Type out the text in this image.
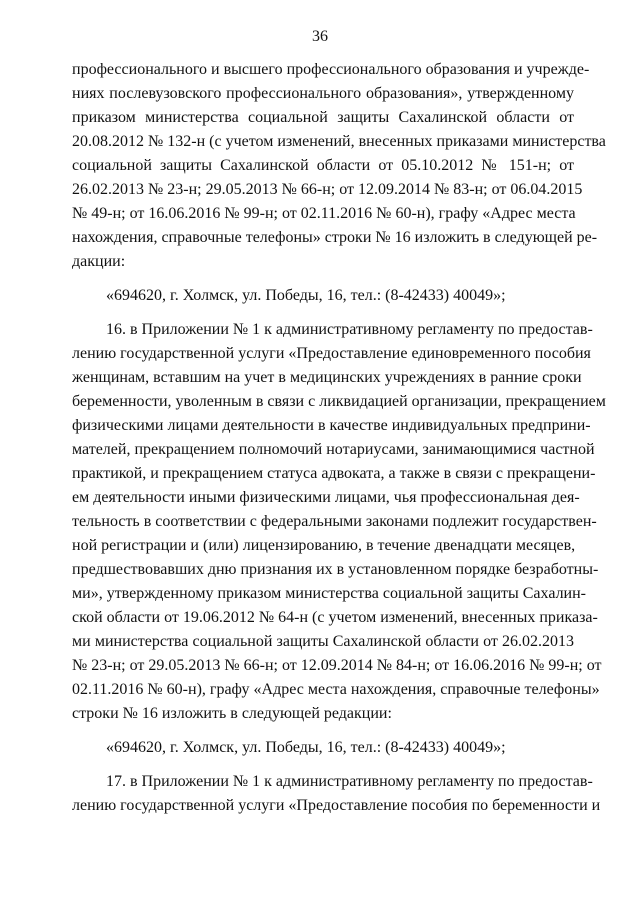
36
профессионального и высшего профессионального образования и учрежде-
ниях послевузовского профессионального образования», утвержденному
приказом министерства социальной защиты Сахалинской области от
20.08.2012 № 132-н (с учетом изменений, внесенных приказами министерства
социальной защиты Сахалинской области от 05.10.2012 № 151-н; от
26.02.2013 № 23-н; 29.05.2013 № 66-н; от 12.09.2014 № 83-н; от 06.04.2015
№ 49-н; от 16.06.2016 № 99-н; от 02.11.2016 № 60-н), графу «Адрес места
нахождения, справочные телефоны» строки № 16 изложить в следующей ре-
дакции:
«694620, г. Холмск, ул. Победы, 16, тел.: (8-42433) 40049»;
16. в Приложении № 1 к административному регламенту по предостав-
лению государственной услуги «Предоставление единовременного пособия
женщинам, вставшим на учет в медицинских учреждениях в ранние сроки
беременности, уволенным в связи с ликвидацией организации, прекращением
физическими лицами деятельности в качестве индивидуальных предприни-
мателей, прекращением полномочий нотариусами, занимающимися частной
практикой, и прекращением статуса адвоката, а также в связи с прекращени-
ем деятельности иными физическими лицами, чья профессиональная дея-
тельность в соответствии с федеральными законами подлежит государствен-
ной регистрации и (или) лицензированию, в течение двенадцати месяцев,
предшествовавших дню признания их в установленном порядке безработны-
ми», утвержденному приказом министерства социальной защиты Сахалин-
ской области от 19.06.2012 № 64-н (с учетом изменений, внесенных приказа-
ми министерства социальной защиты Сахалинской области от 26.02.2013
№ 23-н; от 29.05.2013 № 66-н; от 12.09.2014 № 84-н; от 16.06.2016 № 99-н; от
02.11.2016 № 60-н), графу «Адрес места нахождения, справочные телефоны»
строки № 16 изложить в следующей редакции:
«694620, г. Холмск, ул. Победы, 16, тел.: (8-42433) 40049»;
17. в Приложении № 1 к административному регламенту по предостав-
лению государственной услуги «Предоставление пособия по беременности и
